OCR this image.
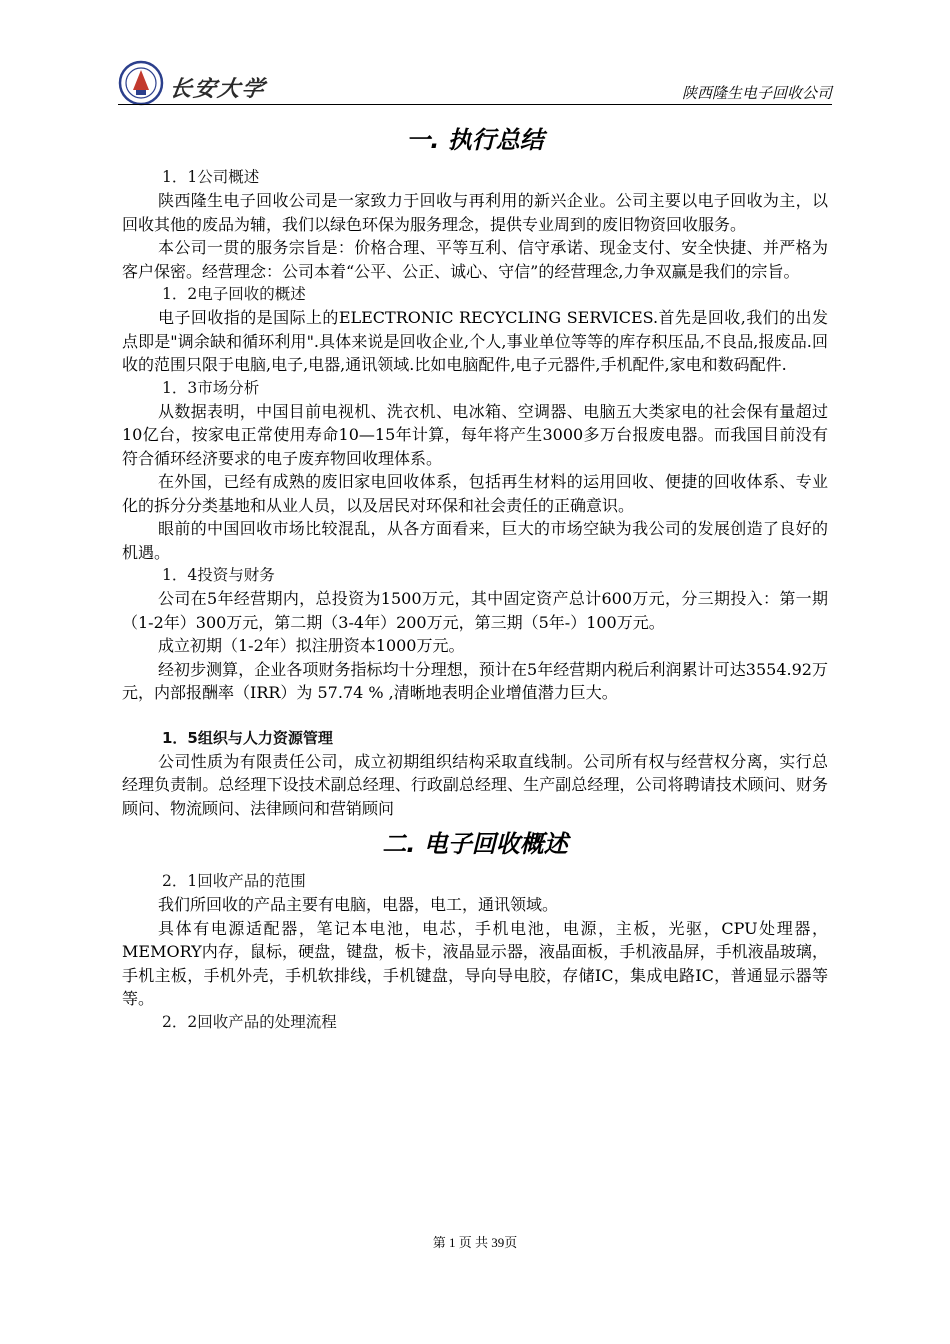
长安大学	陕西隆生电子回收公司
一. 执行总结

1．1公司概述

陕西隆生电子回收公司是一家致力于回收与再利用的新兴企业。公司主要以电子回收为主，以回收其他的废品为辅，我们以绿色环保为服务理念，提供专业周到的废旧物资回收服务。

本公司一贯的服务宗旨是：价格合理、平等互利、信守承诺、现金支付、安全快捷、并严格为客户保密。经营理念：公司本着“公平、公正、诚心、守信”的经营理念,力争双赢是我们的宗旨。

1．2电子回收的概述

电子回收指的是国际上的ELECTRONIC RECYCLING SERVICES.首先是回收,我们的出发点即是"调余缺和循环利用".具体来说是回收企业,个人,事业单位等等的库存积压品,不良品,报废品.回收的范围只限于电脑,电子,电器,通讯领域.比如电脑配件,电子元器件,手机配件,家电和数码配件.

1．3市场分析

从数据表明，中国目前电视机、洗衣机、电冰箱、空调器、电脑五大类家电的社会保有量超过10亿台，按家电正常使用寿命10—15年计算，每年将产生3000多万台报废电器。而我国目前没有符合循环经济要求的电子废弃物回收理体系。

在外国，已经有成熟的废旧家电回收体系，包括再生材料的运用回收、便捷的回收体系、专业化的拆分分类基地和从业人员，以及居民对环保和社会责任的正确意识。

眼前的中国回收市场比较混乱，从各方面看来，巨大的市场空缺为我公司的发展创造了良好的机遇。

1．4投资与财务

公司在5年经营期内，总投资为1500万元，其中固定资产总计600万元，分三期投入：第一期（1-2年）300万元，第二期（3-4年）200万元，第三期（5年-）100万元。

成立初期（1-2年）拟注册资本1000万元。

经初步测算，企业各项财务指标均十分理想，预计在5年经营期内税后利润累计可达3554.92万元，内部报酬率（IRR）为 57.74 % ,清晰地表明企业增值潜力巨大。

1．5组织与人力资源管理

公司性质为有限责任公司，成立初期组织结构采取直线制。公司所有权与经营权分离，实行总经理负责制。总经理下设技术副总经理、行政副总经理、生产副总经理，公司将聘请技术顾问、财务顾问、物流顾问、法律顾问和营销顾问

二. 电子回收概述

2．1回收产品的范围

我们所回收的产品主要有电脑，电器，电工，通讯领域。

具体有电源适配器，笔记本电池，电芯，手机电池，电源，主板，光驱，CPU处理器，MEMORY内存，鼠标，硬盘，键盘，板卡，液晶显示器，液晶面板，手机液晶屏，手机液晶玻璃，手机主板，手机外壳，手机软排线，手机键盘，导向导电胶，存储IC，集成电路IC，普通显示器等等。

2．2回收产品的处理流程

第 1 页 共 39页
